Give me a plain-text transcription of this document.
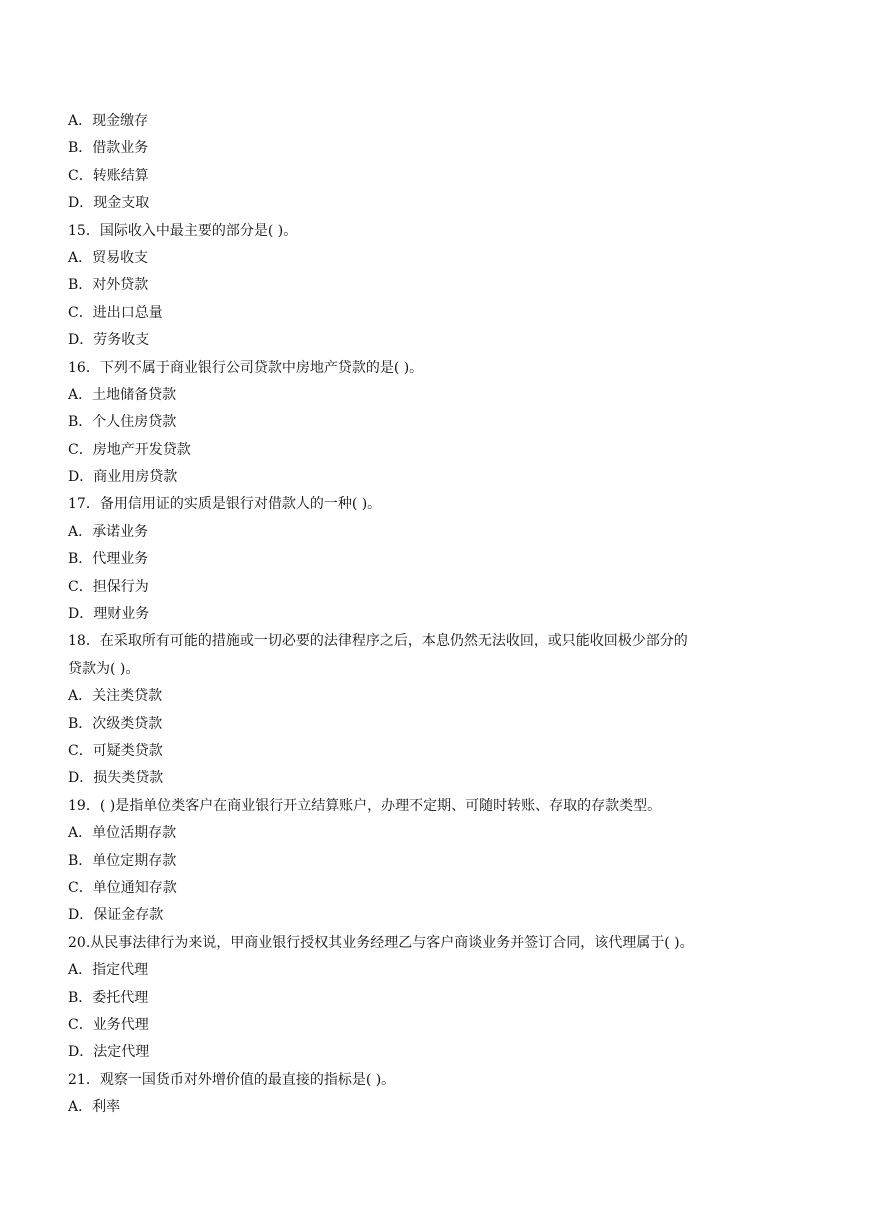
A．现金缴存
B．借款业务
C．转账结算
D．现金支取
15．国际收入中最主要的部分是( )。
A．贸易收支
B．对外贷款
C．进出口总量
D．劳务收支
16．下列不属于商业银行公司贷款中房地产贷款的是( )。
A．土地储备贷款
B．个人住房贷款
C．房地产开发贷款
D．商业用房贷款
17．备用信用证的实质是银行对借款人的一种( )。
A．承诺业务
B．代理业务
C．担保行为
D．理财业务
18．在采取所有可能的措施或一切必要的法律程序之后，本息仍然无法收回，或只能收回极少部分的
贷款为( )。
A．关注类贷款
B．次级类贷款
C．可疑类贷款
D．损失类贷款
19．( )是指单位类客户在商业银行开立结算账户，办理不定期、可随时转账、存取的存款类型。
A．单位活期存款
B．单位定期存款
C．单位通知存款
D．保证金存款
20.从民事法律行为来说，甲商业银行授权其业务经理乙与客户商谈业务并签订合同，该代理属于( )。
A．指定代理
B．委托代理
C．业务代理
D．法定代理
21．观察一国货币对外增价值的最直接的指标是( )。
A．利率
